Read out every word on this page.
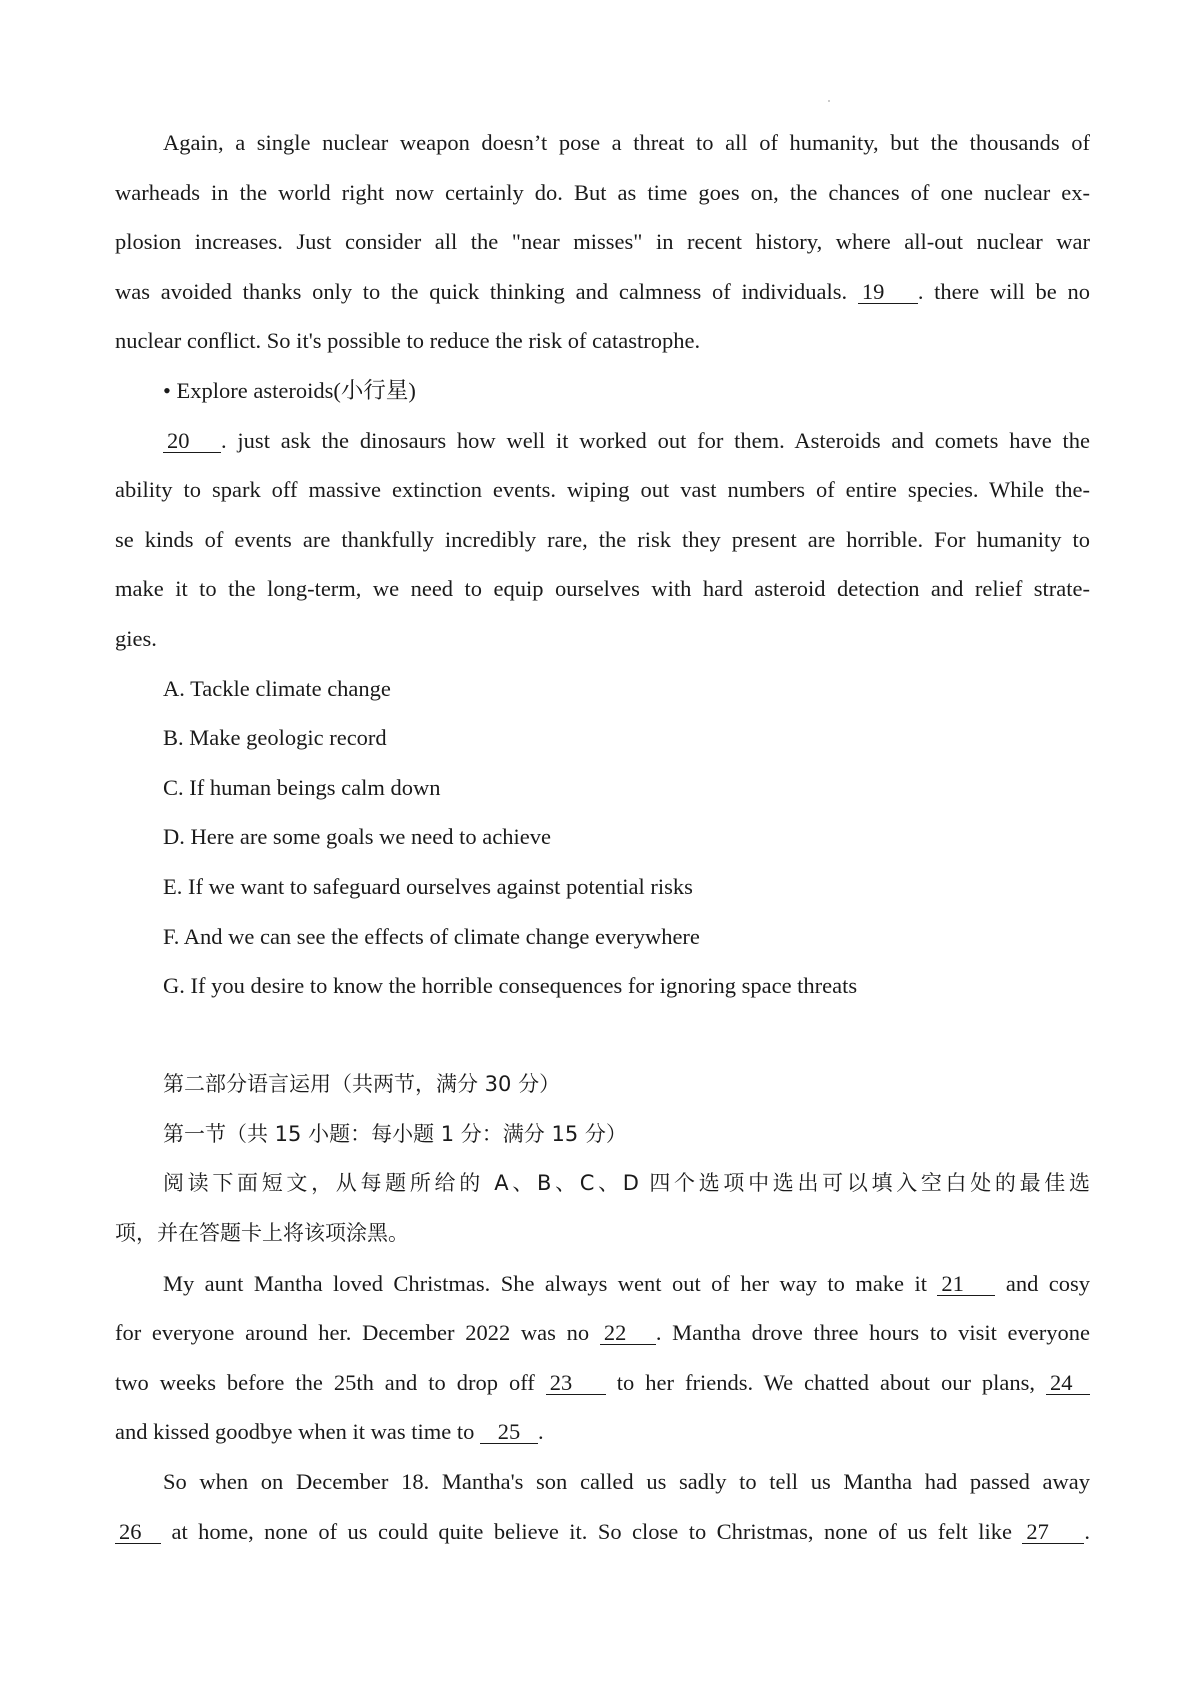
Again, a single nuclear weapon doesn’t pose a threat to all of humanity, but the thousands of
warheads in the world right now certainly do. But as time goes on, the chances of one nuclear ex-
plosion increases. Just consider all the "near misses" in recent history, where all-out nuclear war
was avoided thanks only to the quick thinking and calmness of individuals. 19 . there will be no
nuclear conflict. So it's possible to reduce the risk of catastrophe.
• Explore asteroids(小行星)
20 . just ask the dinosaurs how well it worked out for them. Asteroids and comets have the
ability to spark off massive extinction events. wiping out vast numbers of entire species. While the-
se kinds of events are thankfully incredibly rare, the risk they present are horrible. For humanity to
make it to the long-term, we need to equip ourselves with hard asteroid detection and relief strate-
gies.
A. Tackle climate change
B. Make geologic record
C. If human beings calm down
D. Here are some goals we need to achieve
E. If we want to safeguard ourselves against potential risks
F. And we can see the effects of climate change everywhere
G. If you desire to know the horrible consequences for ignoring space threats
第二部分语言运用（共两节，满分 30 分）
第一节（共 15 小题：每小题 1 分：满分 15 分）
阅读下面短文，从每题所给的 A、B、C、D 四个选项中选出可以填入空白处的最佳选
项，并在答题卡上将该项涂黑。
My aunt Mantha loved Christmas. She always went out of her way to make it 21 and cosy
for everyone around her. December 2022 was no 22 . Mantha drove three hours to visit everyone
two weeks before the 25th and to drop off 23 to her friends. We chatted about our plans, 24
and kissed goodbye when it was time to 25 .
So when on December 18. Mantha's son called us sadly to tell us Mantha had passed away
26 at home, none of us could quite believe it. So close to Christmas, none of us felt like 27 .
